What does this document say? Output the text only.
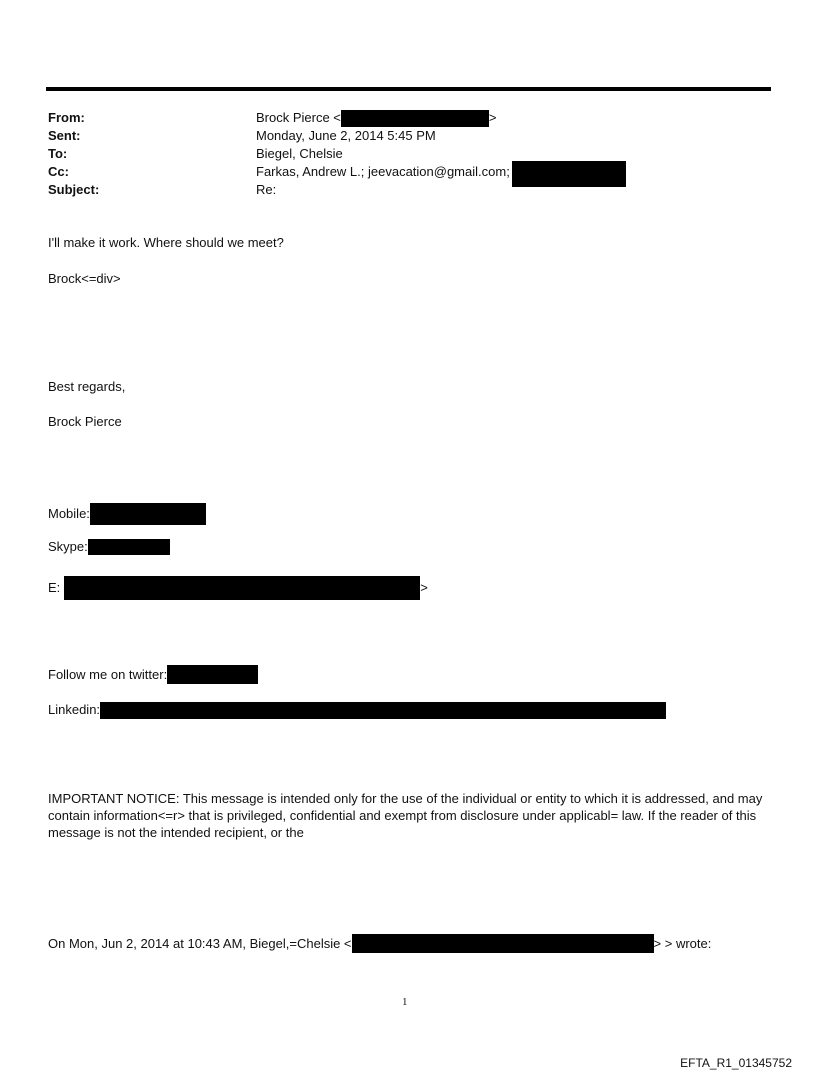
From:	Brock Pierce <	>
Sent:	Monday, June 2, 2014 5:45 PM
To:	Biegel, Chelsie
Cc:	Farkas, Andrew L.; jeevacation@gmail.com;
Subject:	Re:
I'll make it work. Where should we meet?
Brock<=div>
Best regards,
Brock Pierce
Mobile:
Skype:
E:	>
Follow me on twitter:
Linkedin:
IMPORTANT NOTICE: This message is intended only for the use of the individual or entity to which it is addressed, and may contain information<=r> that is privileged, confidential and exempt from disclosure under applicabl= law. If the reader of this message is not the intended recipient, or the
On Mon, Jun 2, 2014 at 10:43 AM, Biegel,=Chelsie <	> > wrote:
1
EFTA_R1_01345752
